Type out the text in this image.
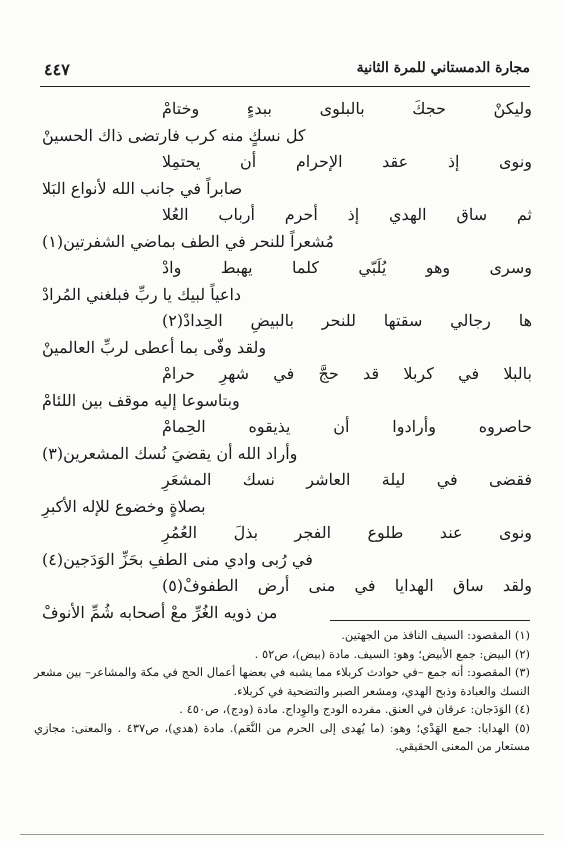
٤٤٧	مجارة الدمستاني للمرة الثانية
وليكنْ حجكَ بالبلوى ببدءٍ وختامْ
كل نسكٍ منه كرب فارتضى ذاك الحسينْ
ونوى إذ عقد الإحرام أن يحتمِلا
صابراً في جانب الله لأنواع البَلا
ثم ساق الهدي إذ أحرم أرباب العُلا
مُشعراً للنحر في الطف بماضي الشفرتين(١)
وسرى وهو يُلَبّي كلما يهبط وادْ
داعياً لبيك يا ربِّ فبلغني المُرادْ
ها رجالي سقتها للنحر بالبيضِ الحِدادْ(٢)
ولقد وفّى بما أعطى لربِّ العالمينْ
بالبلا في كربلا قد حجَّ في شهرِ حرامْ
وبتاسوعا إليه موقف بين اللئامْ
حاصروه وأرادوا أن يذيقوه الحِمامْ
وأراد الله أن يقضيَ نُسك المشعرين(٣)
فقضى في ليلة العاشر نسك المشعَرِ
بصلاةٍ وخضوع للإله الأكبرِ
ونوى عند طلوع الفجر بذلَ العُمُرِ
في رُبى وادي منى الطفِ بحَزِّ الوَدَجين(٤)
ولقد ساق الهدايا في منى أرض الطفوفْ(٥)
من ذويه الغُرِّ معْ أصحابه شُمِّ الأنوفْ
(١) المقصود: السيف النافذ من الجهتين.
(٢) البيض: جمع الأبيض؛ وهو: السيف. مادة (بيض)، ص٥٢ .
(٣) المقصود: أنه جمع –في حوادث كربلاء مما يشبه في بعضها أعمال الحج في مكة والمشاعر– بين مشعر النسك والعبادة وذبح الهدي، ومشعر الصبر والتضحية في كربلاء.
(٤) الوَدَجان: عرقان في العنق. مفرده الودج والوِداج. مادة (ودج)، ص٤٥٠ .
(٥) الهدايا: جمع الهَدْي؛ وهو: (ما يُهدى إلى الحرم من النَّعَم). مادة (هدي)، ص٤٣٧ . والمعنى: مجازي مستعار من المعنى الحقيقي.
